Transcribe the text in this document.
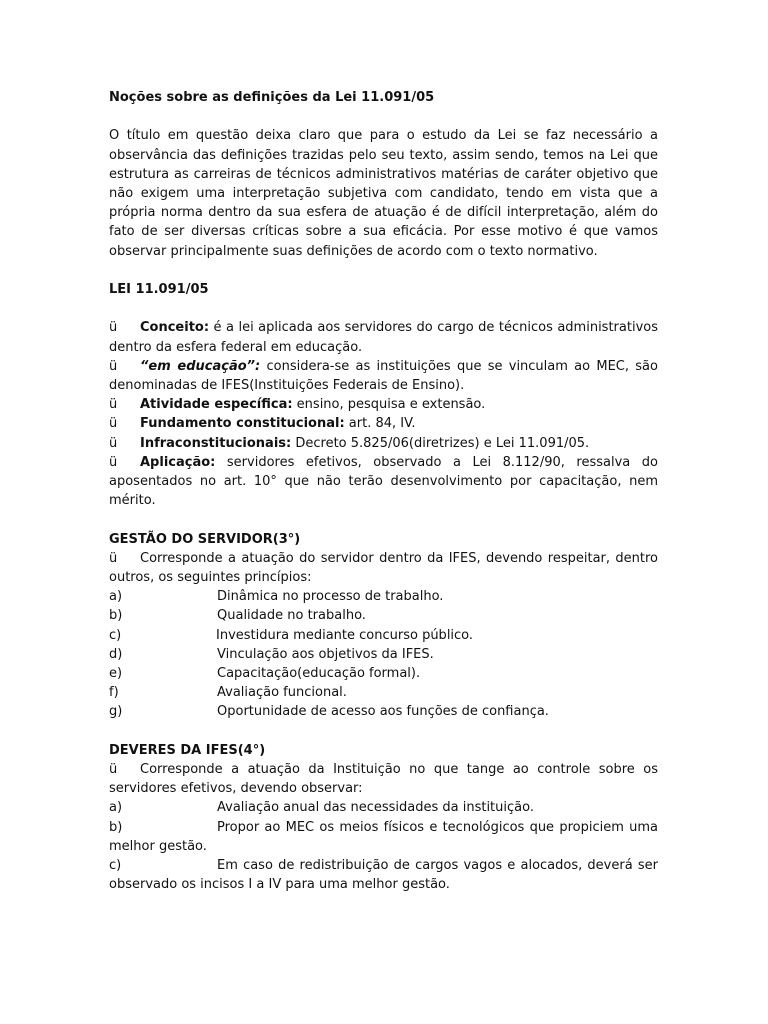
Noções sobre as definições da Lei 11.091/05

O título em questão deixa claro que para o estudo da Lei se faz necessário a observância das definições trazidas pelo seu texto, assim sendo, temos na Lei que estrutura as carreiras de técnicos administrativos matérias de caráter objetivo que não exigem uma interpretação subjetiva com candidato, tendo em vista que a própria norma dentro da sua esfera de atuação é de difícil interpretação, além do fato de ser diversas críticas sobre a sua eficácia. Por esse motivo é que vamos observar principalmente suas definições de acordo com o texto normativo.

LEI 11.091/05

ü Conceito: é a lei aplicada aos servidores do cargo de técnicos administrativos dentro da esfera federal em educação.

ü “em educação”: considera-se as instituições que se vinculam ao MEC, são denominadas de IFES(Instituições Federais de Ensino).

ü Atividade específica: ensino, pesquisa e extensão.

ü Fundamento constitucional: art. 84, IV.

ü Infraconstitucionais: Decreto 5.825/06(diretrizes) e Lei 11.091/05.

ü Aplicação: servidores efetivos, observado a Lei 8.112/90, ressalva do aposentados no art. 10° que não terão desenvolvimento por capacitação, nem mérito.

GESTÃO DO SERVIDOR(3°)

ü Corresponde a atuação do servidor dentro da IFES, devendo respeitar, dentro outros, os seguintes princípios:

a)	Dinâmica no processo de trabalho.
b)	Qualidade no trabalho.
c)	Investidura mediante concurso público.
d)	Vinculação aos objetivos da IFES.
e)	Capacitação(educação formal).
f)	Avaliação funcional.
g)	Oportunidade de acesso aos funções de confiança.

DEVERES DA IFES(4°)

ü Corresponde a atuação da Instituição no que tange ao controle sobre os servidores efetivos, devendo observar:

a)	Avaliação anual das necessidades da instituição.

b)	Propor ao MEC os meios físicos e tecnológicos que propiciem uma melhor gestão.

c)	Em caso de redistribuição de cargos vagos e alocados, deverá ser observado os incisos I a IV para uma melhor gestão.
